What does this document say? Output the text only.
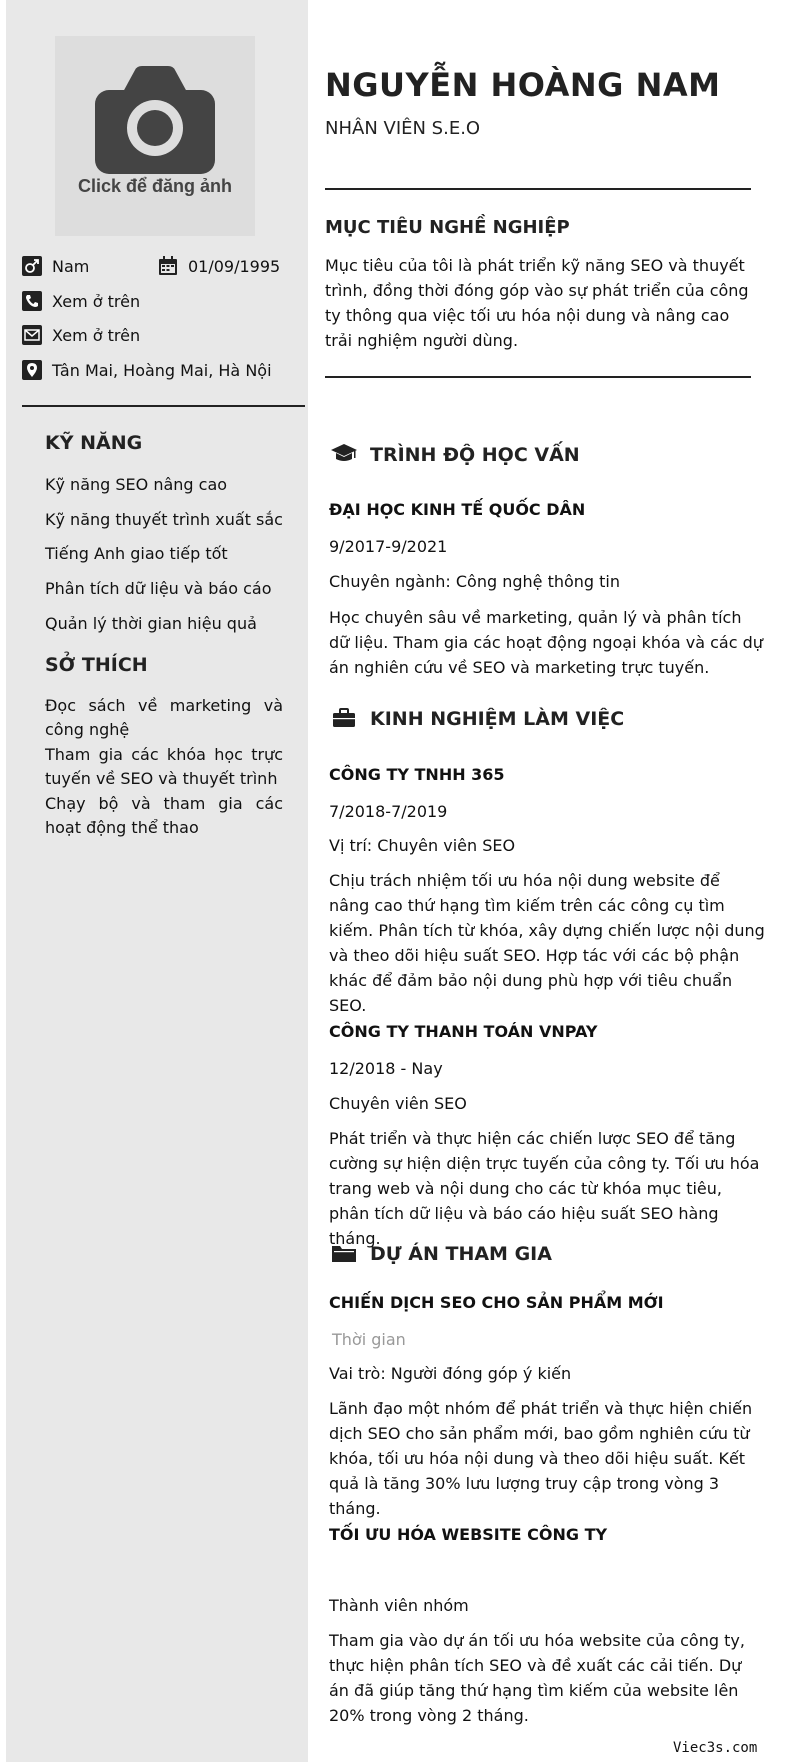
Click để đăng ảnh
Nam	01/09/1995
Xem ở trên
Xem ở trên
Tân Mai, Hoàng Mai, Hà Nội
KỸ NĂNG
Kỹ năng SEO nâng cao
Kỹ năng thuyết trình xuất sắc
Tiếng Anh giao tiếp tốt
Phân tích dữ liệu và báo cáo
Quản lý thời gian hiệu quả
SỞ THÍCH
Đọc sách về marketing và công nghệ
Tham gia các khóa học trực tuyến về SEO và thuyết trình
Chạy bộ và tham gia các hoạt động thể thao
NGUYỄN HOÀNG NAM
NHÂN VIÊN S.E.O
MỤC TIÊU NGHỀ NGHIỆP
Mục tiêu của tôi là phát triển kỹ năng SEO và thuyết trình, đồng thời đóng góp vào sự phát triển của công ty thông qua việc tối ưu hóa nội dung và nâng cao trải nghiệm người dùng.
TRÌNH ĐỘ HỌC VẤN
ĐẠI HỌC KINH TẾ QUỐC DÂN
9/2017-9/2021
Chuyên ngành: Công nghệ thông tin
Học chuyên sâu về marketing, quản lý và phân tích dữ liệu. Tham gia các hoạt động ngoại khóa và các dự án nghiên cứu về SEO và marketing trực tuyến.
KINH NGHIỆM LÀM VIỆC
CÔNG TY TNHH 365
7/2018-7/2019
Vị trí: Chuyên viên SEO
Chịu trách nhiệm tối ưu hóa nội dung website để nâng cao thứ hạng tìm kiếm trên các công cụ tìm kiếm. Phân tích từ khóa, xây dựng chiến lược nội dung và theo dõi hiệu suất SEO. Hợp tác với các bộ phận khác để đảm bảo nội dung phù hợp với tiêu chuẩn SEO.
CÔNG TY THANH TOÁN VNPAY
12/2018 - Nay
Chuyên viên SEO
Phát triển và thực hiện các chiến lược SEO để tăng cường sự hiện diện trực tuyến của công ty. Tối ưu hóa trang web và nội dung cho các từ khóa mục tiêu, phân tích dữ liệu và báo cáo hiệu suất SEO hàng tháng.
DỰ ÁN THAM GIA
CHIẾN DỊCH SEO CHO SẢN PHẨM MỚI
Thời gian
Vai trò: Người đóng góp ý kiến
Lãnh đạo một nhóm để phát triển và thực hiện chiến dịch SEO cho sản phẩm mới, bao gồm nghiên cứu từ khóa, tối ưu hóa nội dung và theo dõi hiệu suất. Kết quả là tăng 30% lưu lượng truy cập trong vòng 3 tháng.
TỐI ƯU HÓA WEBSITE CÔNG TY
Thành viên nhóm
Tham gia vào dự án tối ưu hóa website của công ty, thực hiện phân tích SEO và đề xuất các cải tiến. Dự án đã giúp tăng thứ hạng tìm kiếm của website lên 20% trong vòng 2 tháng.
Viec3s.com
